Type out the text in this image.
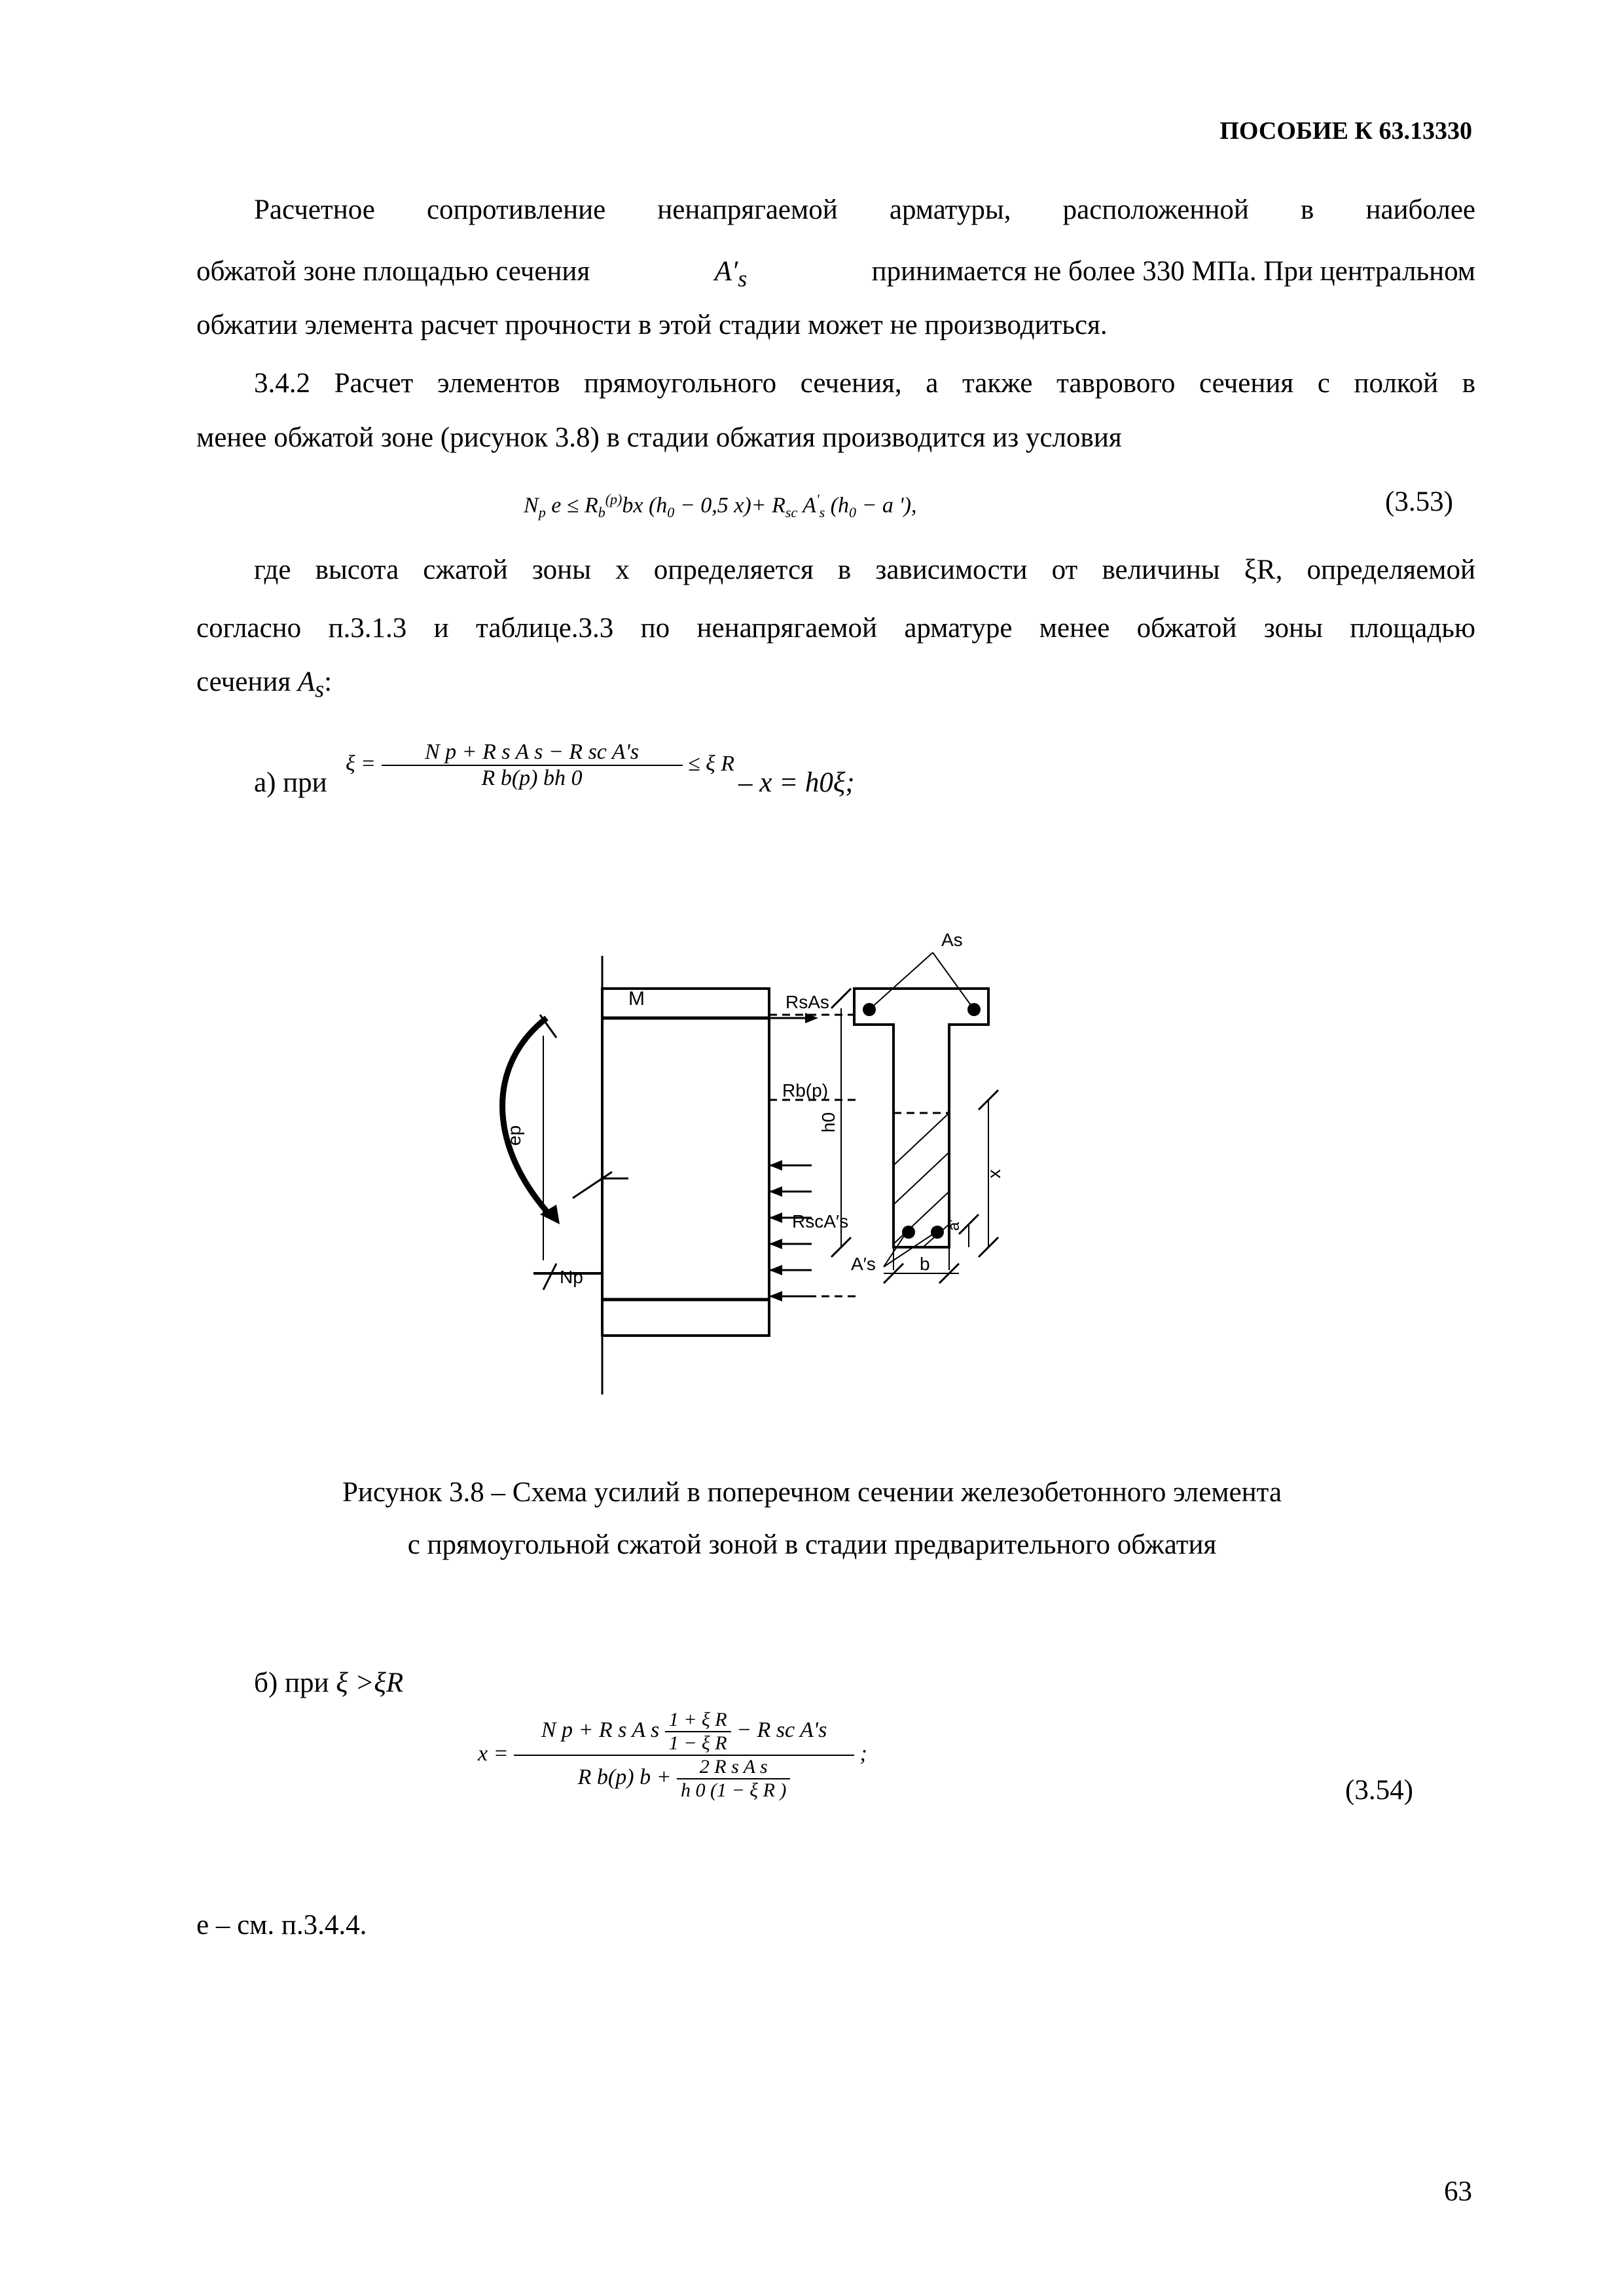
ПОСОБИЕ К 63.13330
Расчетное сопротивление ненапрягаемой арматуры, расположенной в наиболее
обжатой зоне площадью сечения	$A'_s$	принимается не более 330 МПа. При центральном
обжатии элемента расчет прочности в этой стадии может не производиться.
3.4.2 Расчет элементов прямоугольного сечения, а также таврового сечения с полкой в
менее обжатой зоне (рисунок 3.8) в стадии обжатия производится из условия
$N_p$ $e \le R_b^{(p)}bx$ ($h_0 - 0,5$ $x)+ R_{sc}$ $A'_s$ ($h_0 - a$ '),	(3.53)
где высота сжатой зоны x определяется в зависимости от величины ξR, определяемой
согласно п.3.1.3 и таблице.3.3 по ненапрягаемой арматуре менее обжатой зоны площадью
сечения $A_s$:
а) при
$\xi = \frac{\text{N p + R s A s − R sc A's}}{\text{R b(p) bh 0}} \le \xi$ R
– x = h0ξ;
M
ep
Np
RsAs
Rb(p)
RscA′s
As
h0
x
a′
A′s b
Рисунок 3.8 – Схема усилий в поперечном сечении железобетонного элемента
с прямоугольной сжатой зоной в стадии предварительного обжатия
б) при ξ >ξR
x =
N p + R s A s $\frac{\text{1 + ξ R}}{\text{1 − ξ R}} - R$ sc A's
R b(p) $b + \frac{\text{2 R s A s}}{\text{h 0 (1 − ξ R )}}$
;
(3.54)
e – см. п.3.4.4.
63
